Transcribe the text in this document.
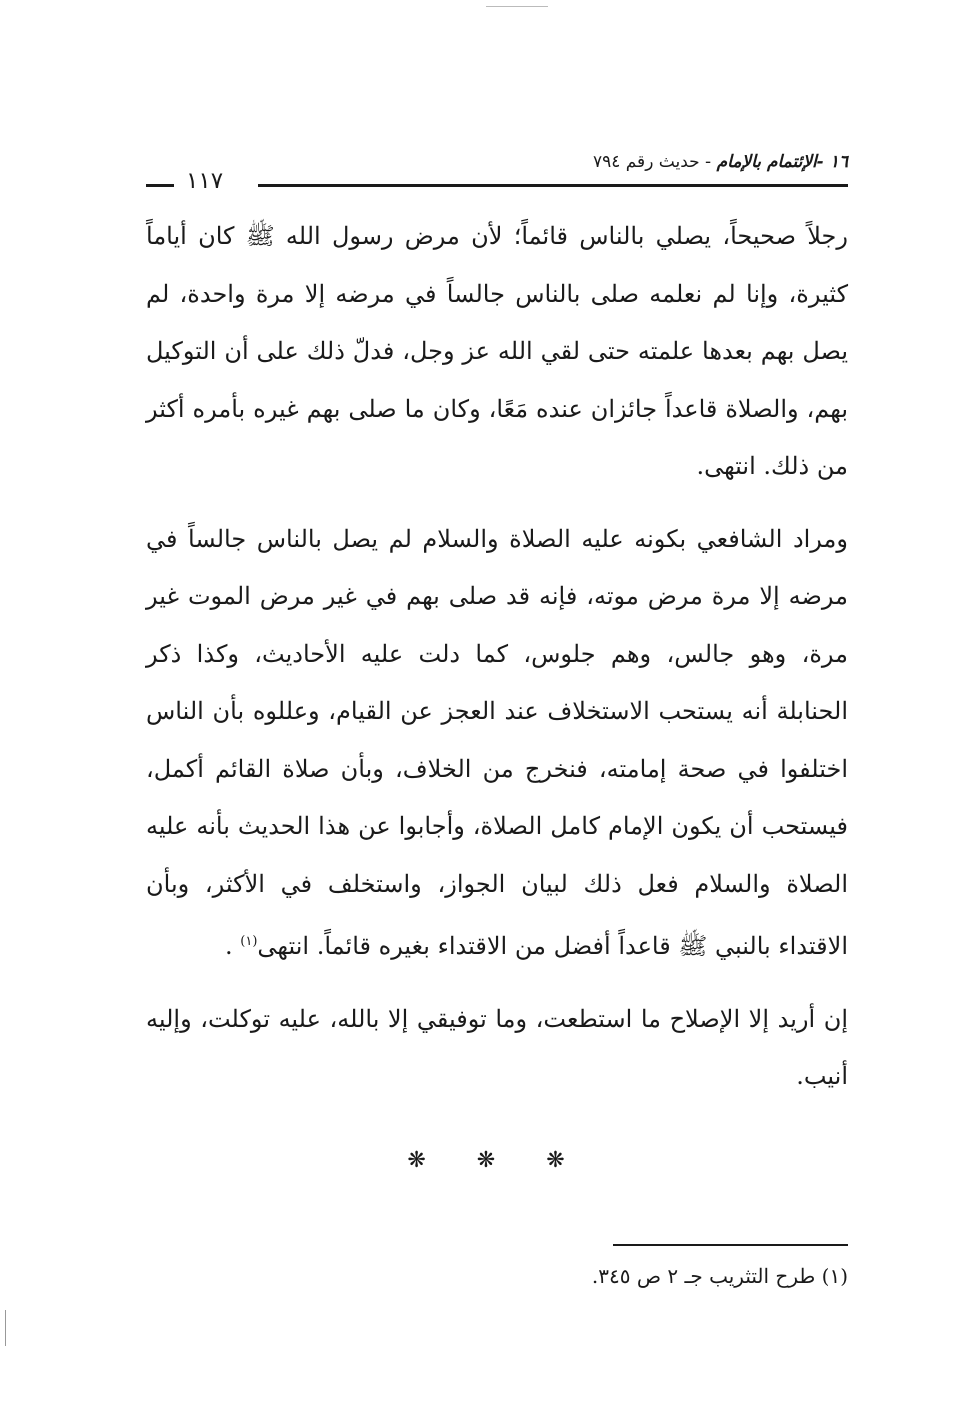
١٦ -الإئتمام بالإمام - حديث رقم ٧٩٤
١١٧

رجلاً صحيحاً، يصلي بالناس قائماً؛ لأن مرض رسول الله ﷺ كان أياماً كثيرة، وإنا لم نعلمه صلى بالناس جالساً في مرضه إلا مرة واحدة، لم يصل بهم بعدها علمته حتى لقي الله عز وجل، فدلّ ذلك على أن التوكيل بهم، والصلاة قاعداً جائزان عنده مَعًا، وكان ما صلى بهم غيره بأمره أكثر من ذلك. انتهى.

ومراد الشافعي بكونه عليه الصلاة والسلام لم يصل بالناس جالساً في مرضه إلا مرة مرض موته، فإنه قد صلى بهم في غير مرض الموت غير مرة، وهو جالس، وهم جلوس، كما دلت عليه الأحاديث، وكذا ذكر الحنابلة أنه يستحب الاستخلاف عند العجز عن القيام، وعللوه بأن الناس اختلفوا في صحة إمامته، فنخرج من الخلاف، وبأن صلاة القائم أكمل، فيستحب أن يكون الإمام كامل الصلاة، وأجابوا عن هذا الحديث بأنه عليه الصلاة والسلام فعل ذلك لبيان الجواز، واستخلف في الأكثر، وبأن الاقتداء بالنبي ﷺ قاعداً أفضل من الاقتداء بغيره قائماً. انتهى$^{(١)}$ .

إن أريد إلا الإصلاح ما استطعت، وما توفيقي إلا بالله، عليه توكلت، وإليه أنيب.

❋ ❋ ❋
(١) طرح التثريب جـ ٢ ص ٣٤٥.
